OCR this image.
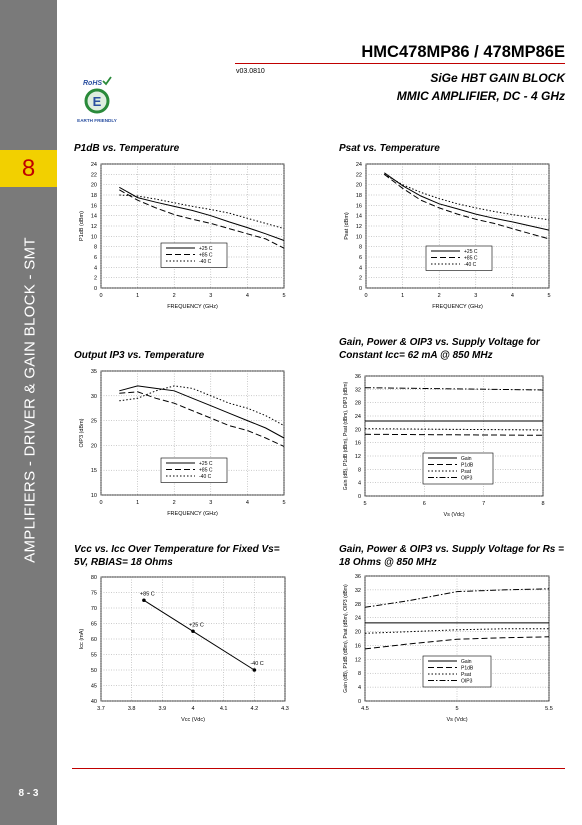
8
AMPLIFIERS - DRIVER & GAIN BLOCK - SMT
8 - 3
HMC478MP86 / 478MP86E
v03.0810	SiGe HBT GAIN BLOCK
MMIC AMPLIFIER, DC - 4 GHz
RoHS
E
EARTH FRIENDLY
P1dB vs. Temperature	Psat vs. Temperature
Output IP3 vs. Temperature
Gain, Power & OIP3 vs. Supply Voltage for Constant Icc= 62 mA @ 850 MHz
Vcc vs. Icc Over Temperature for Fixed Vs= 5V, RBIAS= 18 Ohms
Gain, Power & OIP3 vs. Supply Voltage for Rs = 18 Ohms @ 850 MHz
0
2
4
6
8
10
12
14
16
18
20
22
24
0	1	2	3	4	5
FREQUENCY (GHz)
P1dB (dBm)
+25 C
+85 C
-40 C
0
2
4
6
8
10
12
14
16
18
20
22
24
0	1	2	3	4	5
FREQUENCY (GHz)
Psat (dBm)
+25 C
+85 C
-40 C
10
15
20
25
30
35
0	1	2	3	4	5
FREQUENCY (GHz)
OIP3 (dBm)
+25 C
+85 C
-40 C
0
4
8
12
16
20
24
28
32
36
5	6	7	8
Vs (Vdc)
Gain (dB), P1dB (dBm), Psat (dBm), OIP3 (dBm)	Gain
P1dB
Psat
OIP3
40
45
50
55
60
65
70
75
80
3.7	3.8	3.9	4	4.1	4.2	4.3
Vcc (Vdc)
Icc (mA)
+85 C
+25 C
-40 C
0
4
8
12
16
20
24
28
32
36
4.5	5	5.5
Vs (Vdc)
Gain (dB), P1dB (dBm), Psat (dBm), OIP3 (dBm)	Gain
P1dB
Psat
OIP3
